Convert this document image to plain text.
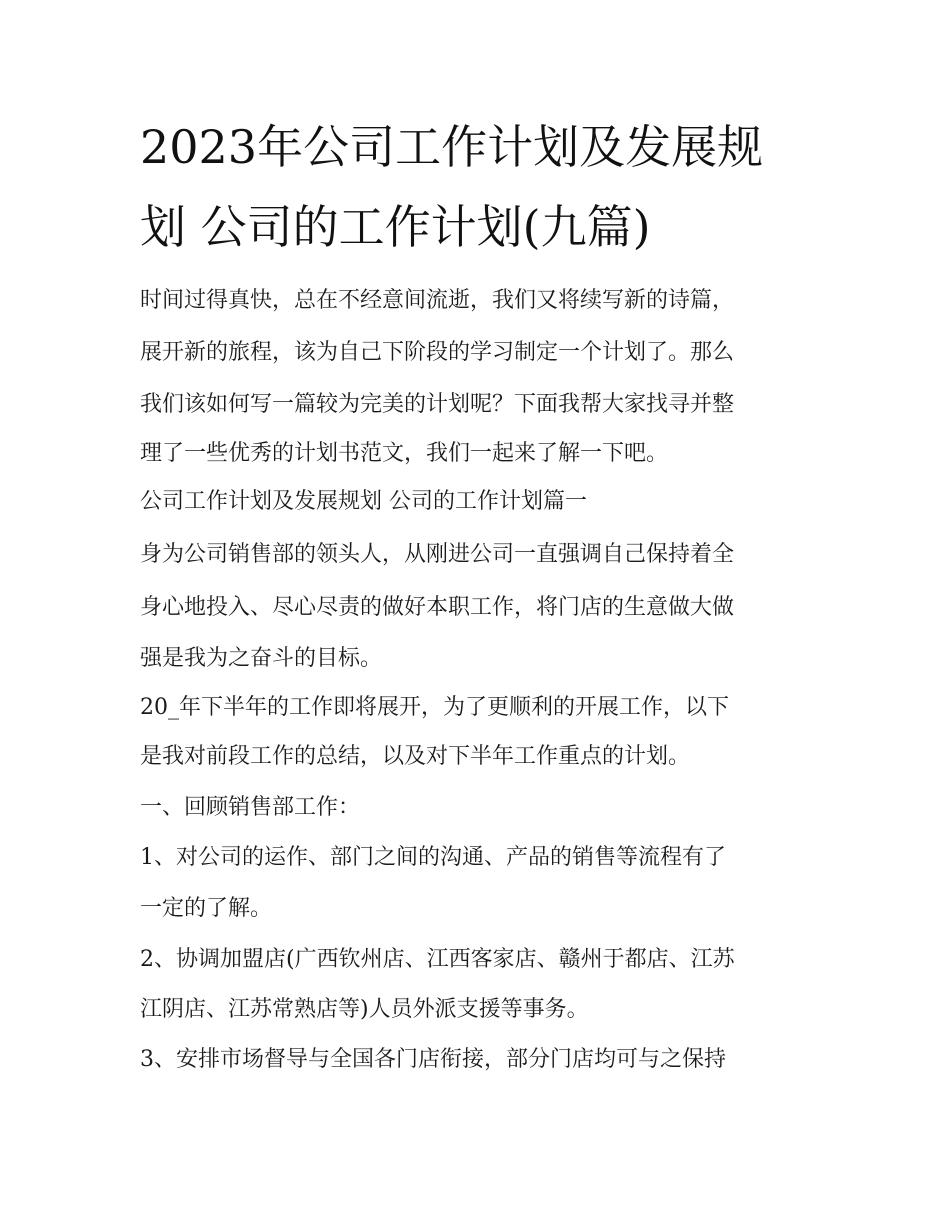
2023年公司工作计划及发展规
划 公司的工作计划(九篇)
时间过得真快，总在不经意间流逝，我们又将续写新的诗篇，
展开新的旅程，该为自己下阶段的学习制定一个计划了。那么
我们该如何写一篇较为完美的计划呢？下面我帮大家找寻并整
理了一些优秀的计划书范文，我们一起来了解一下吧。
公司工作计划及发展规划 公司的工作计划篇一
身为公司销售部的领头人，从刚进公司一直强调自己保持着全
身心地投入、尽心尽责的做好本职工作，将门店的生意做大做
强是我为之奋斗的目标。
20_年下半年的工作即将展开，为了更顺利的开展工作，以下
是我对前段工作的总结，以及对下半年工作重点的计划。
一、回顾销售部工作：
1、对公司的运作、部门之间的沟通、产品的销售等流程有了
一定的了解。
2、协调加盟店(广西钦州店、江西客家店、赣州于都店、江苏
江阴店、江苏常熟店等)人员外派支援等事务。
3、安排市场督导与全国各门店衔接，部分门店均可与之保持
